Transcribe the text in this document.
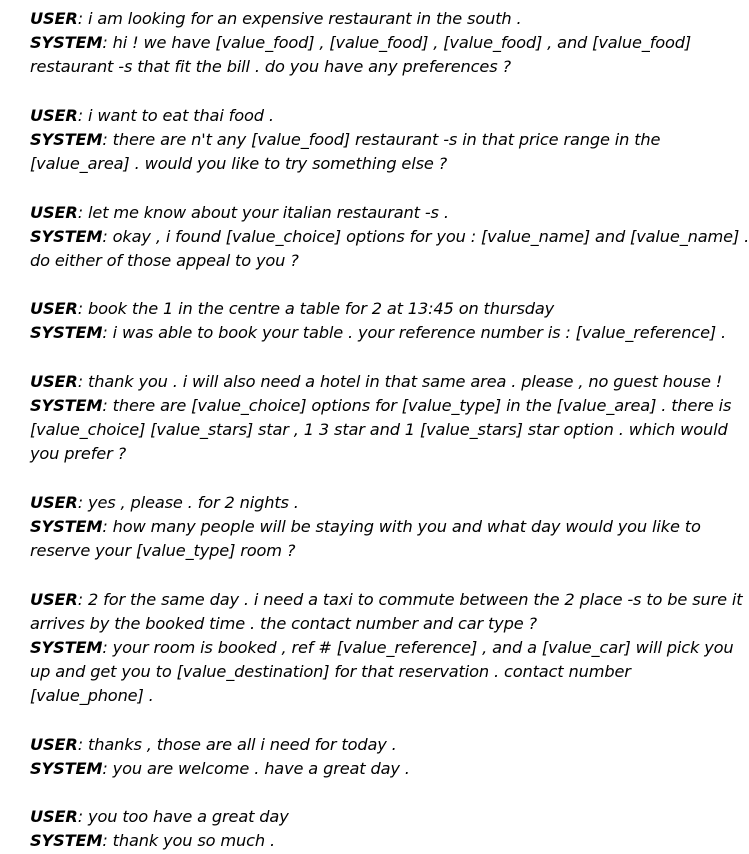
USER: i am looking for an expensive restaurant in the south .
SYSTEM: hi ! we have [value_food] , [value_food] , [value_food] , and [value_food]
restaurant -s that fit the bill . do you have any preferences ?
USER: i want to eat thai food .
SYSTEM: there are n't any [value_food] restaurant -s in that price range in the
[value_area] . would you like to try something else ?
USER: let me know about your italian restaurant -s .
SYSTEM: okay , i found [value_choice] options for you : [value_name] and [value_name] .
do either of those appeal to you ?
USER: book the 1 in the centre a table for 2 at 13:45 on thursday
SYSTEM: i was able to book your table . your reference number is : [value_reference] .
USER: thank you . i will also need a hotel in that same area . please , no guest house !
SYSTEM: there are [value_choice] options for [value_type] in the [value_area] . there is
[value_choice] [value_stars] star , 1 3 star and 1 [value_stars] star option . which would
you prefer ?
USER: yes , please . for 2 nights .
SYSTEM: how many people will be staying with you and what day would you like to
reserve your [value_type] room ?
USER: 2 for the same day . i need a taxi to commute between the 2 place -s to be sure it
arrives by the booked time . the contact number and car type ?
SYSTEM: your room is booked , ref # [value_reference] , and a [value_car] will pick you
up and get you to [value_destination] for that reservation . contact number
[value_phone] .
USER: thanks , those are all i need for today .
SYSTEM: you are welcome . have a great day .
USER: you too have a great day
SYSTEM: thank you so much .
